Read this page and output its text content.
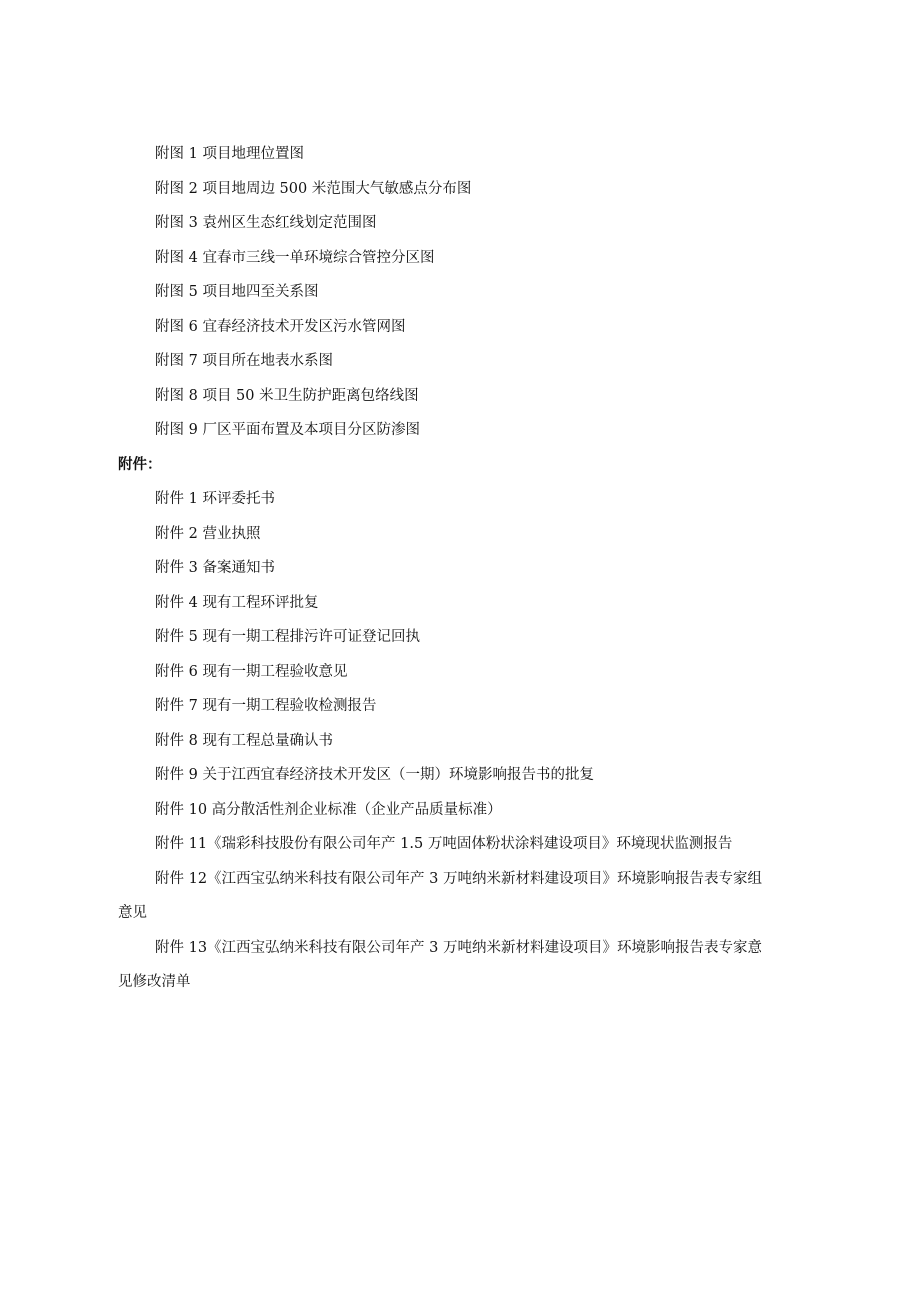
附图 1 项目地理位置图
附图 2 项目地周边 500 米范围大气敏感点分布图
附图 3 袁州区生态红线划定范围图
附图 4 宜春市三线一单环境综合管控分区图
附图 5 项目地四至关系图
附图 6 宜春经济技术开发区污水管网图
附图 7 项目所在地表水系图
附图 8 项目 50 米卫生防护距离包络线图
附图 9 厂区平面布置及本项目分区防渗图
附件：
附件 1 环评委托书
附件 2 营业执照
附件 3 备案通知书
附件 4 现有工程环评批复
附件 5 现有一期工程排污许可证登记回执
附件 6 现有一期工程验收意见
附件 7 现有一期工程验收检测报告
附件 8 现有工程总量确认书
附件 9 关于江西宜春经济技术开发区（一期）环境影响报告书的批复
附件 10 高分散活性剂企业标准（企业产品质量标准）
附件 11《瑞彩科技股份有限公司年产 1.5 万吨固体粉状涂料建设项目》环境现状监测报告
附件 12《江西宝弘纳米科技有限公司年产 3 万吨纳米新材料建设项目》环境影响报告表专家组
意见
附件 13《江西宝弘纳米科技有限公司年产 3 万吨纳米新材料建设项目》环境影响报告表专家意
见修改清单
